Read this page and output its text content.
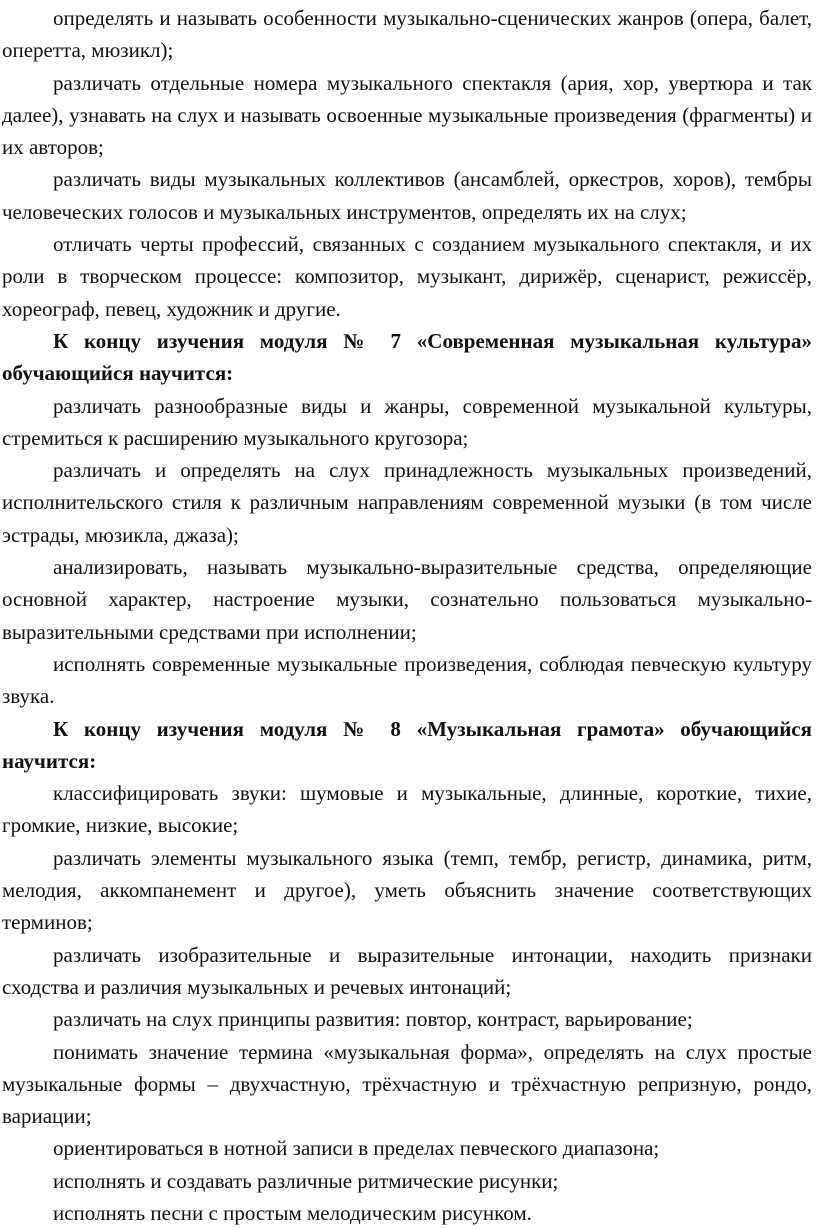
определять и называть особенности музыкально-сценических жанров (опера, балет, оперетта, мюзикл);

различать отдельные номера музыкального спектакля (ария, хор, увертюра и так далее), узнавать на слух и называть освоенные музыкальные произведения (фрагменты) и их авторов;

различать виды музыкальных коллективов (ансамблей, оркестров, хоров), тембры человеческих голосов и музыкальных инструментов, определять их на слух;

отличать черты профессий, связанных с созданием музыкального спектакля, и их роли в творческом процессе: композитор, музыкант, дирижёр, сценарист, режиссёр, хореограф, певец, художник и другие.

К концу изучения модуля № 7 «Современная музыкальная культура» обучающийся научится:

различать разнообразные виды и жанры, современной музыкальной культуры, стремиться к расширению музыкального кругозора;

различать и определять на слух принадлежность музыкальных произведений, исполнительского стиля к различным направлениям современной музыки (в том числе эстрады, мюзикла, джаза);

анализировать, называть музыкально-выразительные средства, определяющие основной характер, настроение музыки, сознательно пользоваться музыкально-выразительными средствами при исполнении;

исполнять современные музыкальные произведения, соблюдая певческую культуру звука.

К концу изучения модуля № 8 «Музыкальная грамота» обучающийся научится:

классифицировать звуки: шумовые и музыкальные, длинные, короткие, тихие, громкие, низкие, высокие;

различать элементы музыкального языка (темп, тембр, регистр, динамика, ритм, мелодия, аккомпанемент и другое), уметь объяснить значение соответствующих терминов;

различать изобразительные и выразительные интонации, находить признаки сходства и различия музыкальных и речевых интонаций;

различать на слух принципы развития: повтор, контраст, варьирование;

понимать значение термина «музыкальная форма», определять на слух простые музыкальные формы – двухчастную, трёхчастную и трёхчастную репризную, рондо, вариации;

ориентироваться в нотной записи в пределах певческого диапазона;

исполнять и создавать различные ритмические рисунки;

исполнять песни с простым мелодическим рисунком.
